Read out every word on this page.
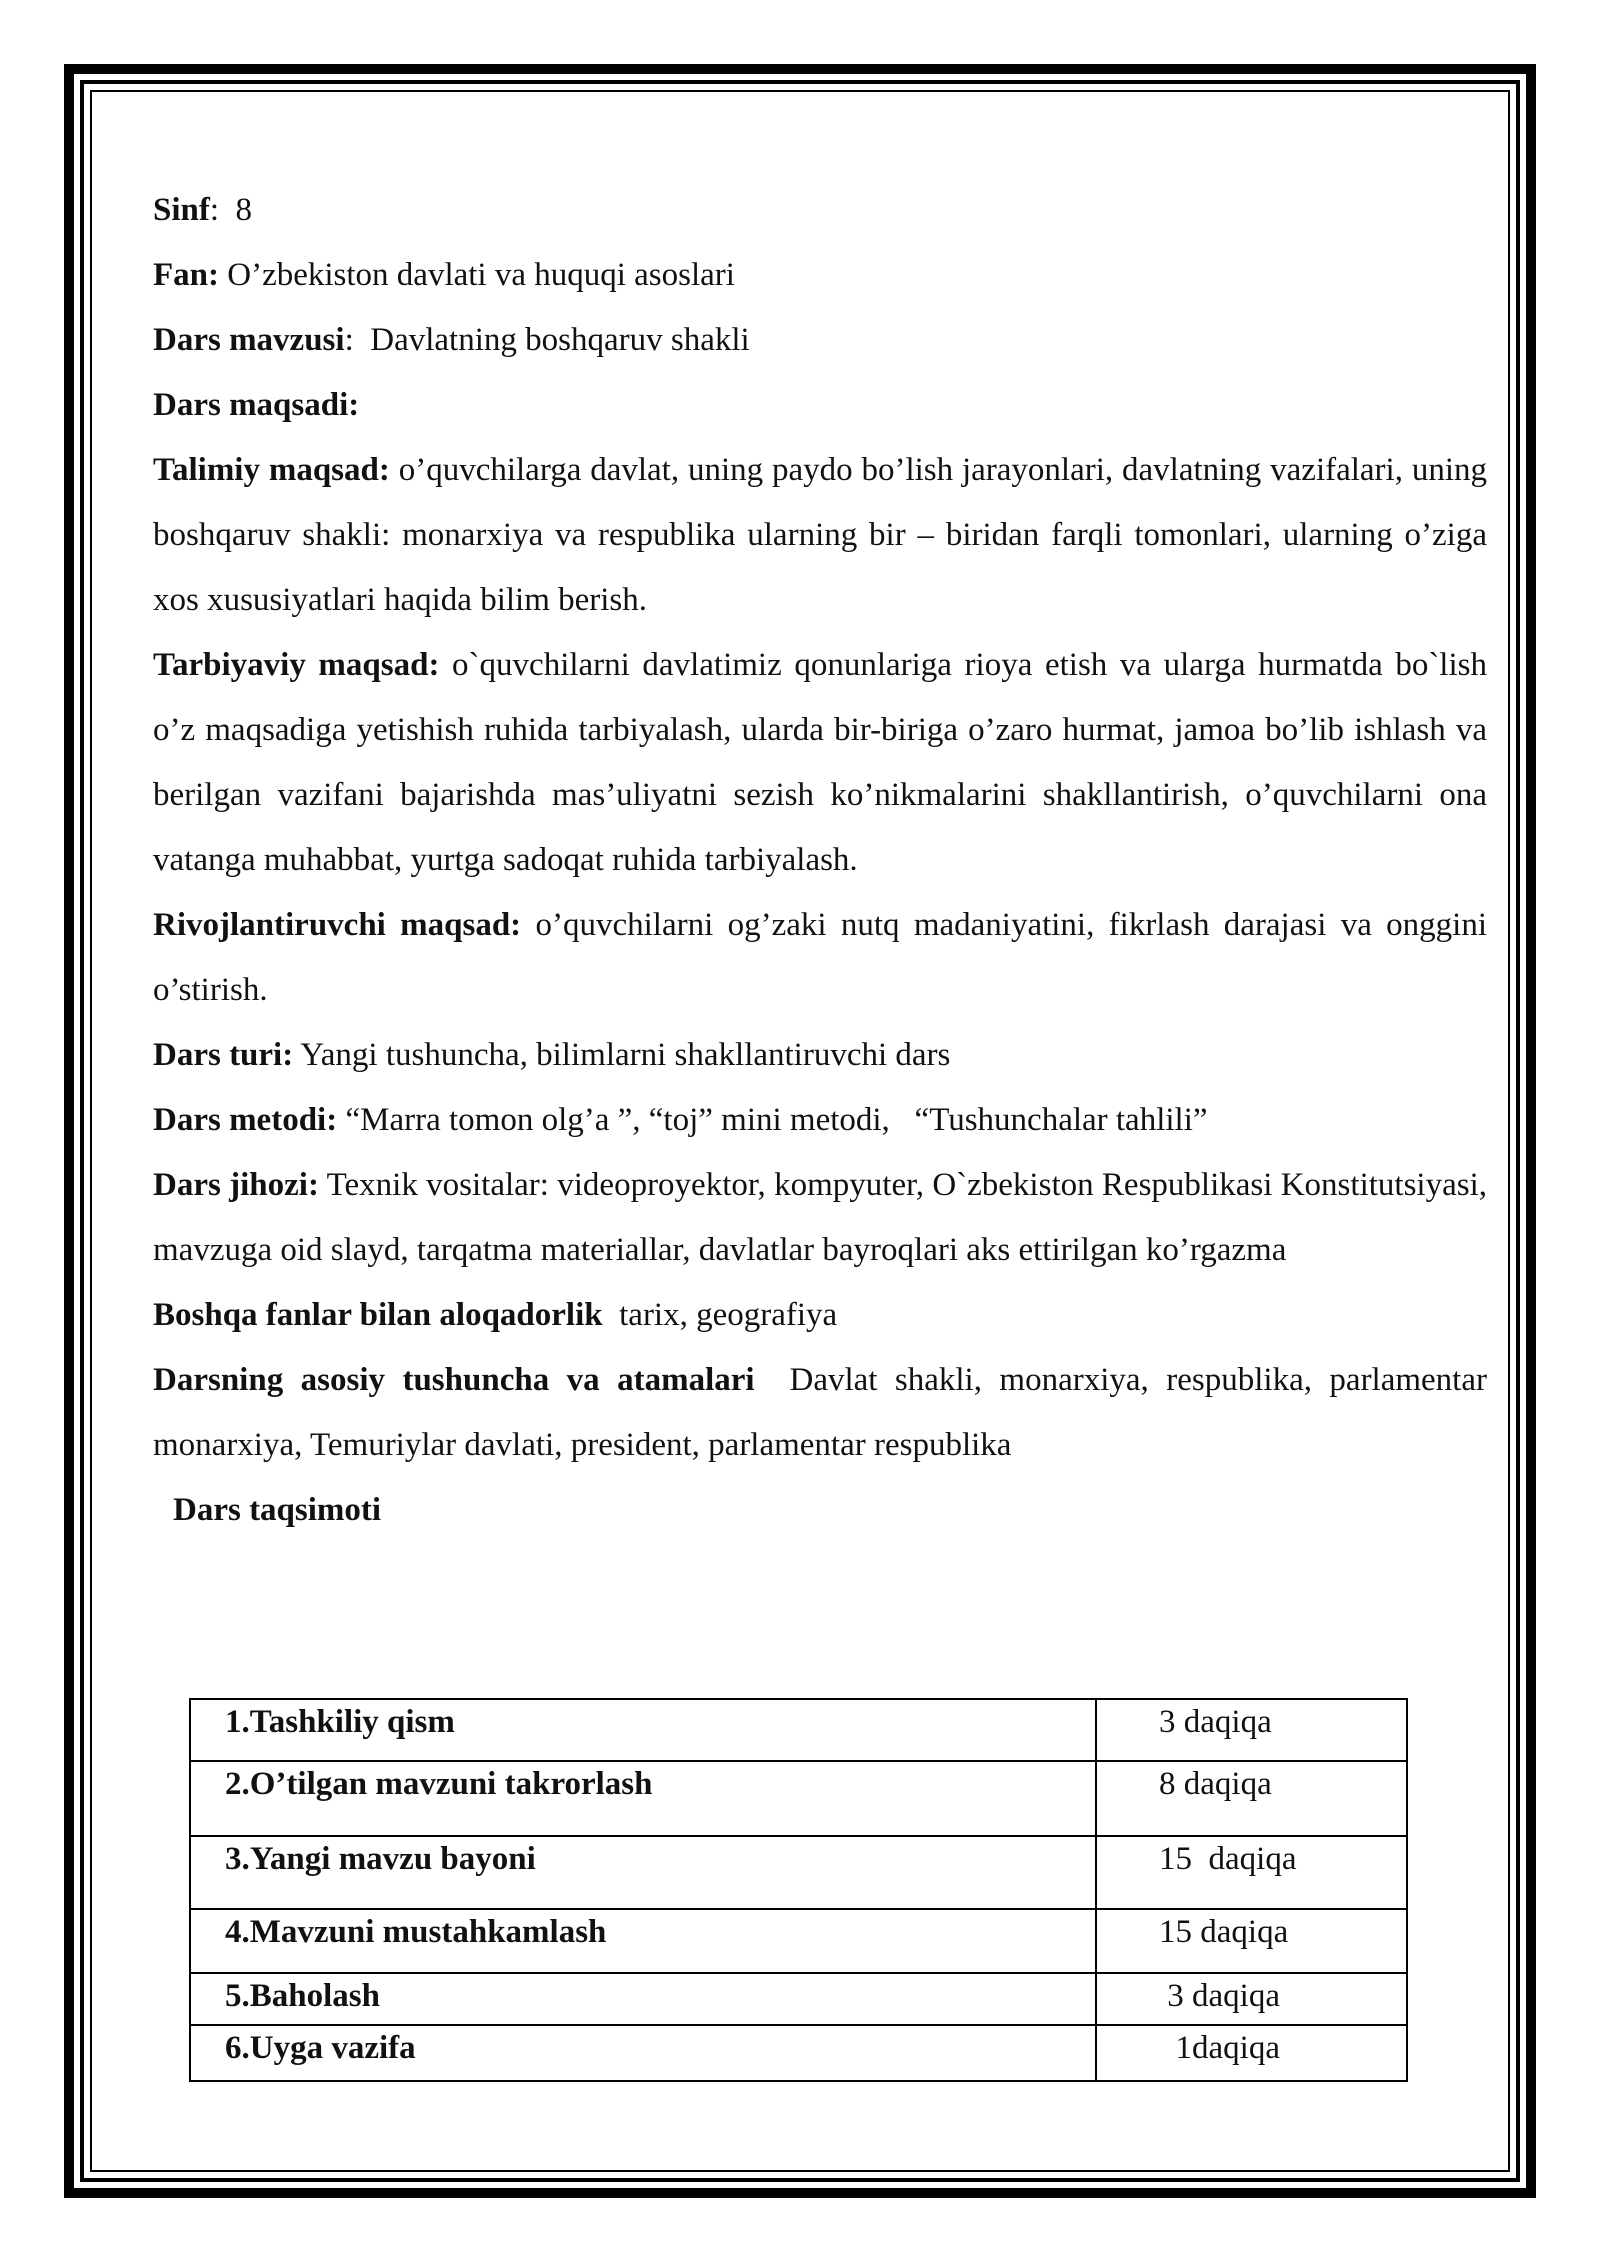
Sinf:  8

Fan: O’zbekiston davlati va huquqi asoslari

Dars mavzusi:  Davlatning boshqaruv shakli

Dars maqsadi:

Talimiy maqsad: o’quvchilarga davlat, uning paydo bo’lish jarayonlari, davlatning vazifalari, uning boshqaruv shakli: monarxiya va respublika ularning bir – biridan farqli tomonlari, ularning o’ziga xos xususiyatlari haqida bilim berish.

Tarbiyaviy maqsad: o`quvchilarni davlatimiz qonunlariga rioya etish va ularga hurmatda bo`lish o’z maqsadiga yetishish ruhida tarbiyalash, ularda bir-biriga o’zaro hurmat, jamoa bo’lib ishlash va berilgan vazifani bajarishda mas’uliyatni sezish ko’nikmalarini shakllantirish, o’quvchilarni ona vatanga muhabbat, yurtga sadoqat ruhida tarbiyalash.

Rivojlantiruvchi maqsad: o’quvchilarni og’zaki nutq madaniyatini, fikrlash darajasi va onggini o’stirish.

Dars turi: Yangi tushuncha, bilimlarni shakllantiruvchi dars

Dars metodi: “Marra tomon olg’a ”, “toj” mini metodi,   “Tushunchalar tahlili”

Dars jihozi: Texnik vositalar: videoproyektor, kompyuter, O`zbekiston Respublikasi Konstitutsiyasi, mavzuga oid slayd, tarqatma materiallar, davlatlar bayroqlari aks ettirilgan ko’rgazma

Boshqa fanlar bilan aloqadorlik  tarix, geografiya

Darsning asosiy tushuncha va atamalari  Davlat shakli, monarxiya, respublika, parlamentar monarxiya, Temuriylar davlati, president, parlamentar respublika

Dars taqsimoti

1.Tashkiliy qism	3 daqiqa
2.O’tilgan mavzuni takrorlash	8 daqiqa
3.Yangi mavzu bayoni	15  daqiqa
4.Mavzuni mustahkamlash	15 daqiqa
5.Baholash	3 daqiqa
6.Uyga vazifa	1daqiqa
